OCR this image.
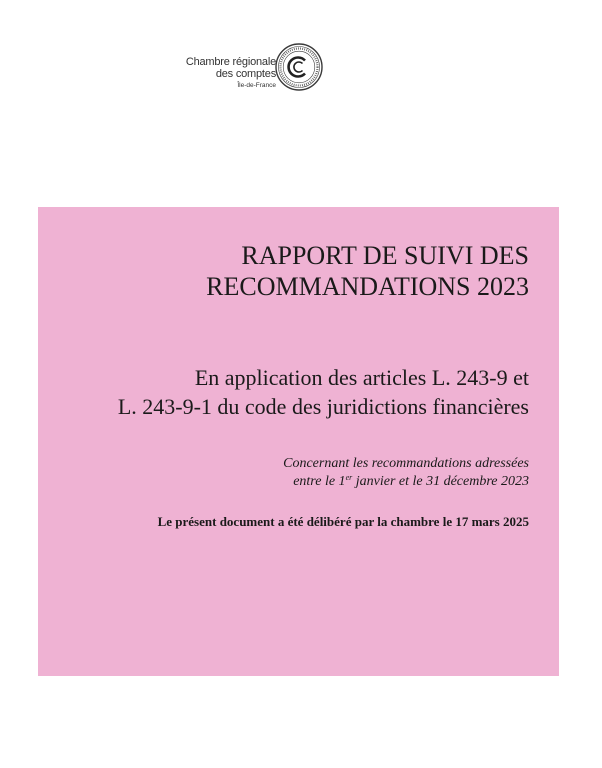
Chambre régionale
des comptes
Île-de-France
RAPPORT DE SUIVI DES
RECOMMANDATIONS 2023
En application des articles L. 243-9 et
L. 243-9-1 du code des juridictions financières
Concernant les recommandations adressées
entre le 1er janvier et le 31 décembre 2023
Le présent document a été délibéré par la chambre le 17 mars 2025
